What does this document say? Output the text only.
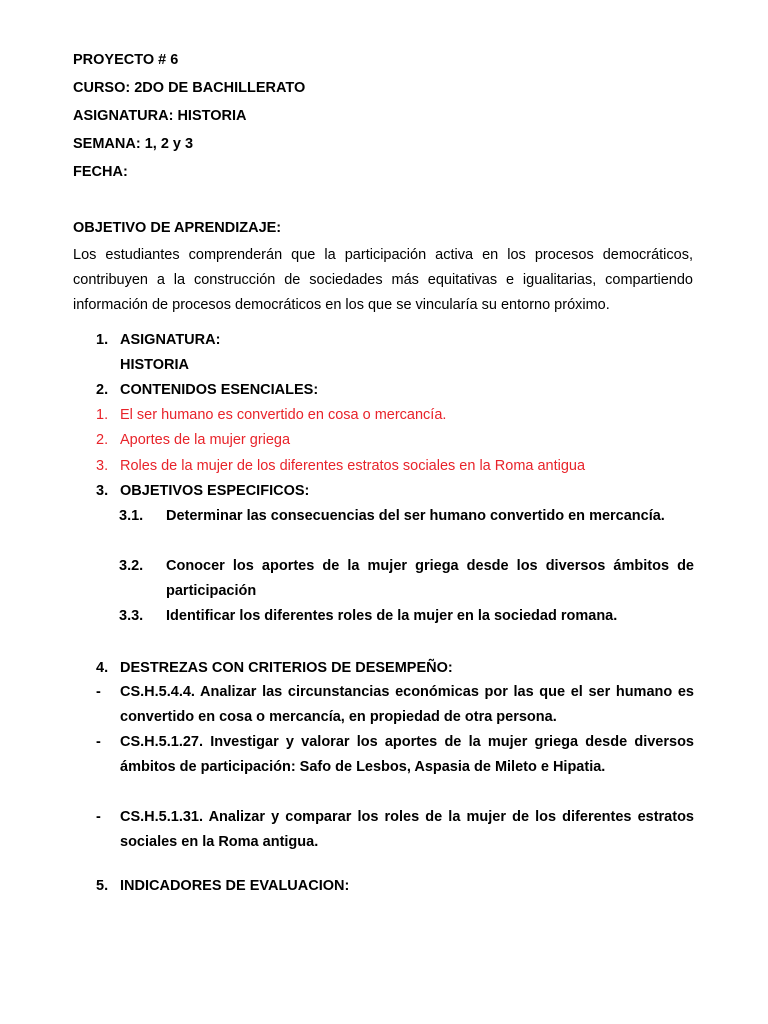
PROYECTO # 6
CURSO: 2DO DE BACHILLERATO
ASIGNATURA: HISTORIA
SEMANA: 1, 2 y 3
FECHA:
OBJETIVO DE APRENDIZAJE:
Los estudiantes comprenderán que la participación activa en los procesos democráticos, contribuyen a la construcción de sociedades más equitativas e igualitarias, compartiendo información de procesos democráticos en los que se vincularía su entorno próximo.
1. ASIGNATURA:
HISTORIA
2. CONTENIDOS ESENCIALES:
1. El ser humano es convertido en cosa o mercancía.
2. Aportes de la mujer griega
3. Roles de la mujer de los diferentes estratos sociales en la Roma antigua
3. OBJETIVOS ESPECIFICOS:
3.1. Determinar las consecuencias del ser humano convertido en mercancía.
3.2. Conocer los aportes de la mujer griega desde los diversos ámbitos de participación
3.3. Identificar los diferentes roles de la mujer en la sociedad romana.
4. DESTREZAS CON CRITERIOS DE DESEMPEÑO:
- CS.H.5.4.4. Analizar las circunstancias económicas por las que el ser humano es convertido en cosa o mercancía, en propiedad de otra persona.
- CS.H.5.1.27. Investigar y valorar los aportes de la mujer griega desde diversos ámbitos de participación: Safo de Lesbos, Aspasia de Mileto e Hipatia.
- CS.H.5.1.31. Analizar y comparar los roles de la mujer de los diferentes estratos sociales en la Roma antigua.
5. INDICADORES DE EVALUACION:
